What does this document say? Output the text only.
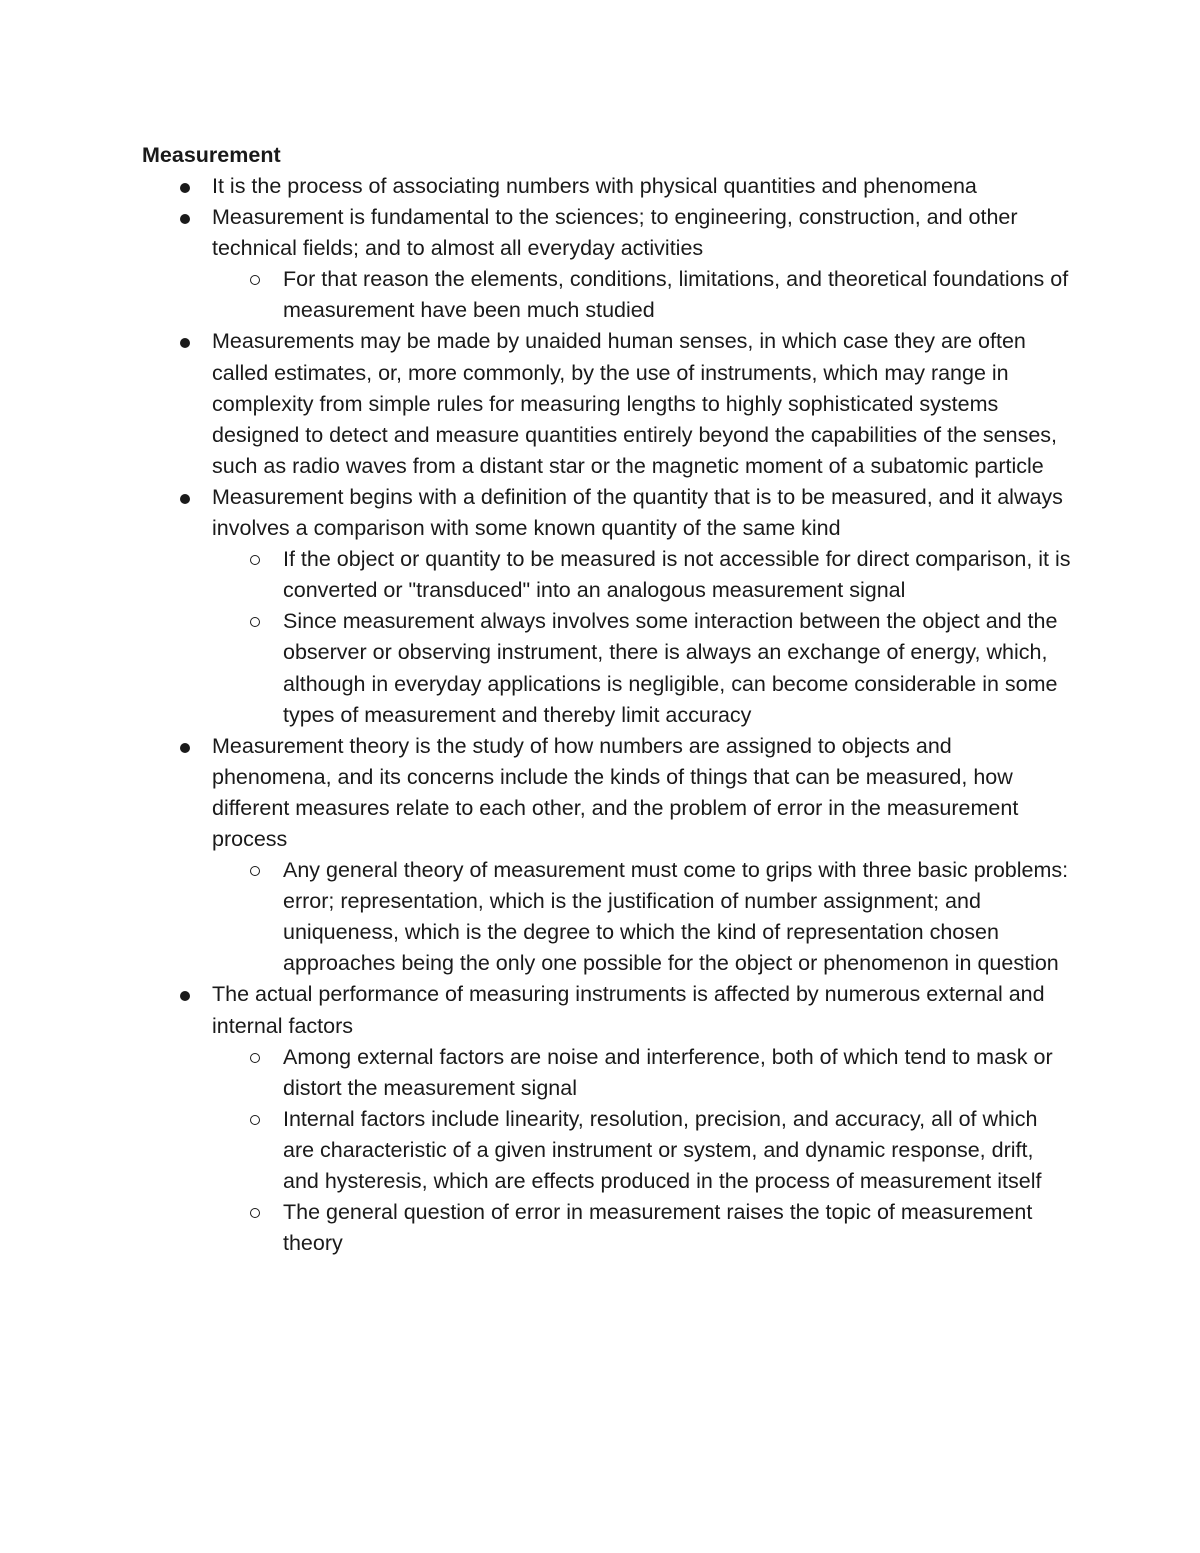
Measurement
It is the process of associating numbers with physical quantities and phenomena
Measurement is fundamental to the sciences; to engineering, construction, and other technical fields; and to almost all everyday activities
For that reason the elements, conditions, limitations, and theoretical foundations of measurement have been much studied
Measurements may be made by unaided human senses, in which case they are often called estimates, or, more commonly, by the use of instruments, which may range in complexity from simple rules for measuring lengths to highly sophisticated systems designed to detect and measure quantities entirely beyond the capabilities of the senses, such as radio waves from a distant star or the magnetic moment of a subatomic particle
Measurement begins with a definition of the quantity that is to be measured, and it always involves a comparison with some known quantity of the same kind
If the object or quantity to be measured is not accessible for direct comparison, it is converted or "transduced" into an analogous measurement signal
Since measurement always involves some interaction between the object and the observer or observing instrument, there is always an exchange of energy, which, although in everyday applications is negligible, can become considerable in some types of measurement and thereby limit accuracy
Measurement theory is the study of how numbers are assigned to objects and phenomena, and its concerns include the kinds of things that can be measured, how different measures relate to each other, and the problem of error in the measurement process
Any general theory of measurement must come to grips with three basic problems: error; representation, which is the justification of number assignment; and uniqueness, which is the degree to which the kind of representation chosen approaches being the only one possible for the object or phenomenon in question
The actual performance of measuring instruments is affected by numerous external and internal factors
Among external factors are noise and interference, both of which tend to mask or distort the measurement signal
Internal factors include linearity, resolution, precision, and accuracy, all of which are characteristic of a given instrument or system, and dynamic response, drift, and hysteresis, which are effects produced in the process of measurement itself
The general question of error in measurement raises the topic of measurement theory
